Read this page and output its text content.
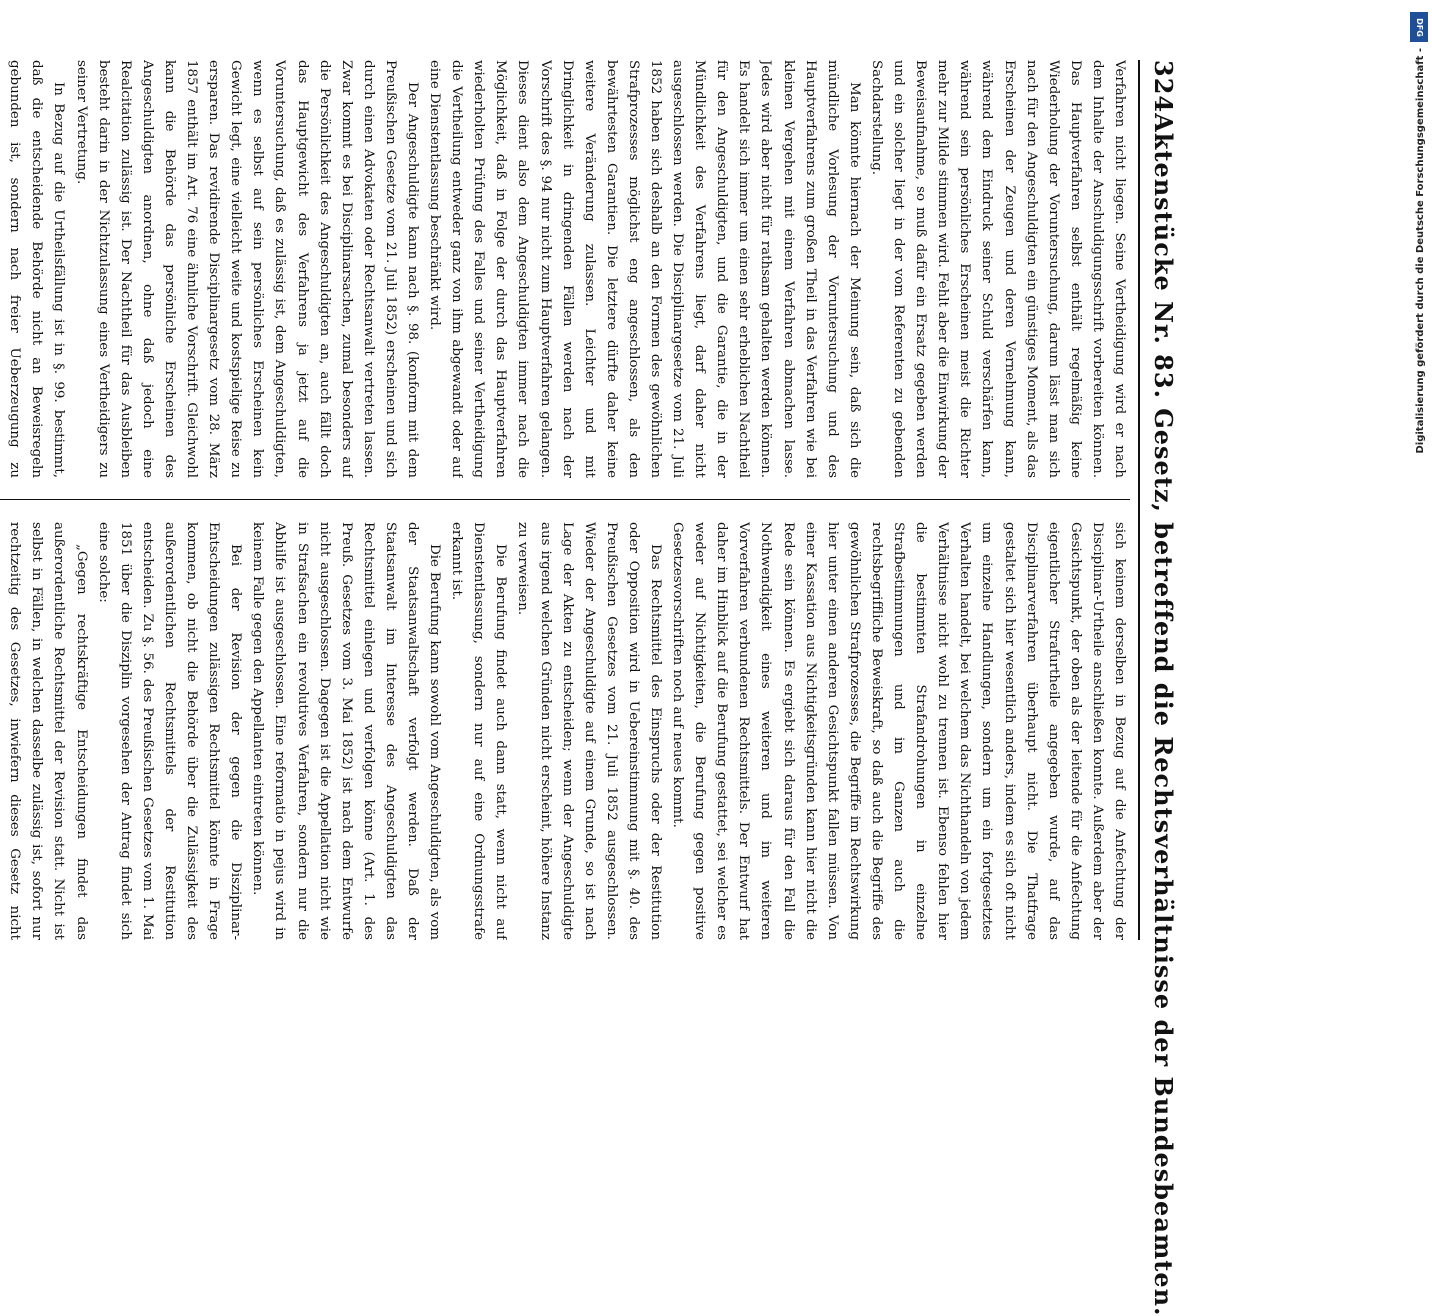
324
Aktenstücke Nr. 83. Gesetz, betreffend die Rechtsverhältnisse der Bundesbeamten.

Verfahren nicht liegen. Seine Vertheidigung wird er nach dem Inhalte der Anschuldigungsschrift vorbereiten können. Das Hauptverfahren selbst enthält regelmäßig keine Wiederholung der Voruntersuchung, darum lässt man sich nach für den Angeschuldigten ein günstiges Moment, als das Erscheinen der Zeugen und deren Vernehmung kann, während dem Eindruck seiner Schuld verschärfen kann, während sein persönliches Erscheinen meist die Richter mehr zur Milde stimmen wird. Fehlt aber die Einwirkung der Beweisaufnahme, so muß dafür ein Ersatz gegeben werden und ein solcher liegt in der vom Referenten zu gebenden Sachdarstellung.

Man könnte hiernach der Meinung sein, daß sich die mündliche Vorlesung der Voruntersuchung und des Hauptverfahrens zum großen Theil in das Verfahren wie bei kleinen Vergehen mit einem Verfahren abmachen lasse. Jedes wird aber nicht für rathsam gehalten werden können. Es handelt sich immer um einen sehr erheblichen Nachtheil für den Angeschuldigten, und die Garantie, die in der Mündlichkeit des Verfahrens liegt, darf daher nicht ausgeschlossen werden. Die Disciplinargesetze vom 21. Juli 1852 haben sich deshalb an den Formen des gewöhnlichen Strafprozesses möglichst eng angeschlossen, als den bewährtesten Garantien. Die letztere dürfte daher keine weitere Veränderung zulassen. Leichter und mit Dringlichkeit in dringenden Fällen werden nach der Vorschrift des §. 94 nur nicht zum Hauptverfahren gelangen. Dieses dient also dem Angeschuldigten immer nach die Möglichkeit, daß in Folge der durch das Hauptverfahren wiederholten Prüfung des Falles und seiner Vertheidigung die Vertheilung entweder ganz von ihm abgewandt oder auf eine Dienstentlassung beschränkt wird.

Der Angeschuldigte kann nach §. 98. (konform mit dem Preußischen Gesetze vom 21. Juli 1852) erscheinen und sich durch einen Advokaten oder Rechtsanwalt vertreten lassen. Zwar kommt es bei Disciplinarsachen, zumal besonders auf die Persönlichkeit des Angeschuldigten an, auch fällt doch das Hauptgewicht des Verfahrens ja jetzt auf die Voruntersuchung, daß es zulässig ist, dem Angeschuldigten, wenn es selbst auf sein persönliches Erscheinen kein Gewicht legt, eine vielleicht weite und kostspielige Reise zu ersparen. Das revidirende Disciplinargesetz vom 28. März 1857 enthält im Art. 76 eine ähnliche Vorschrift. Gleichwohl kann die Behörde das persönliche Erscheinen des Angeschuldigten anordnen, ohne daß jedoch eine Realcitation zulässig ist. Der Nachtheil für das Ausbleiben besteht darin in der Nichtzulassung eines Vertheidigers zu seiner Vertretung.

In Bezug auf die Urtheilsfällung ist in §. 99. bestimmt, daß die entscheidende Behörde nicht an Beweisregeln gebunden ist, sondern nach freier Ueberzeugung zu

sich keinem derselben in Bezug auf die Anfechtung der Disciplinar-Urtheile anschließen konnte. Außerdem aber der Gesichtspunkt, der oben als der leitende für die Anfechtung eigentlicher Strafurtheile angegeben wurde, auf das Disciplinarverfahren überhaupt nicht. Die Thatfrage gestaltet sich hier wesentlich anders, indem es sich oft nicht um einzelne Handlungen, sondern um ein fortgesetztes Verhalten handelt, bei welchem das Nichthandeln von jedem Verhältnisse nicht wohl zu trennen ist. Ebenso fehlen hier die bestimmten Strafandrohungen in einzelne Strafbestimmungen und im Ganzen auch die rechtsbegriffliche Beweiskraft, so daß auch die Begriffe des gewöhnlichen Strafprozesses, die Begriffe im Rechtswirkung hier unter einen anderen Gesichtspunkt fallen müssen. Von einer Kassation aus Nichtigkeitsgründen kann hier nicht die Rede sein können. Es ergiebt sich daraus für den Fall die Nothwendigkeit eines weiteren und im weiteren Vorverfahren verbundenen Rechtsmittels. Der Entwurf hat daher im Hinblick auf die Berufung gestattet, sei welcher es weder auf Nichtigkeiten, die Berufung gegen positive Gesetzesvorschriften noch auf neues kommt.

Das Rechtsmittel des Einspruchs oder der Restitution oder Opposition wird in Uebereinstimmung mit §. 40. des Preußischen Gesetzes vom 21. Juli 1852 ausgeschlossen. Wieder der Angeschuldigte auf einem Grunde, so ist nach Lage der Akten zu entscheiden; wenn der Angeschuldigte aus irgend welchen Gründen nicht erscheint, höhere Instanz zu verweisen.

Die Berufung findet auch dann statt, wenn nicht auf Dienstentlassung, sondern nur auf eine Ordnungsstrafe erkannt ist.

Die Berufung kann sowohl vom Angeschuldigten, als vom der Staatsanwaltschaft verfolgt werden. Daß der Staatsanwalt im Interesse des Angeschuldigten das Rechtsmittel einlegen und verfolgen könne (Art. 1. des Preuß. Gesetzes vom 3. Mai 1852) ist nach dem Entwurfe nicht ausgeschlossen. Dagegen ist die Appellation nicht wie in Strafsachen ein revolutives Verfahren, sondern nur die Abhilfe ist ausgeschlossen. Eine reformatio in pejus wird in keinem Falle gegen den Appellanten eintreten können.

Bei der Revision der gegen die Disziplinar-Entscheidungen zulässigen Rechtsmittel könnte in Frage kommen, ob nicht die Behörde über die Zulässigkeit des außerordentlichen Rechtsmittels der Restitution entscheiden. Zu §. 56. des Preußischen Gesetzes vom 1. Mai 1851 über die Disziplin vorgesehen der Antrag findet sich eine solche:

„Gegen rechtskräftige Entscheidungen findet das außerordentliche Rechtsmittel der Revision statt. Nicht ist selbst in Fällen, in welchen dasselbe zulässig ist, sofort nur rechtzeitig des Gesetzes, inwiefern dieses Gesetz nicht

DFG
Digitalisierung gefördert durch die Deutsche Forschungsgemeinschaft -
